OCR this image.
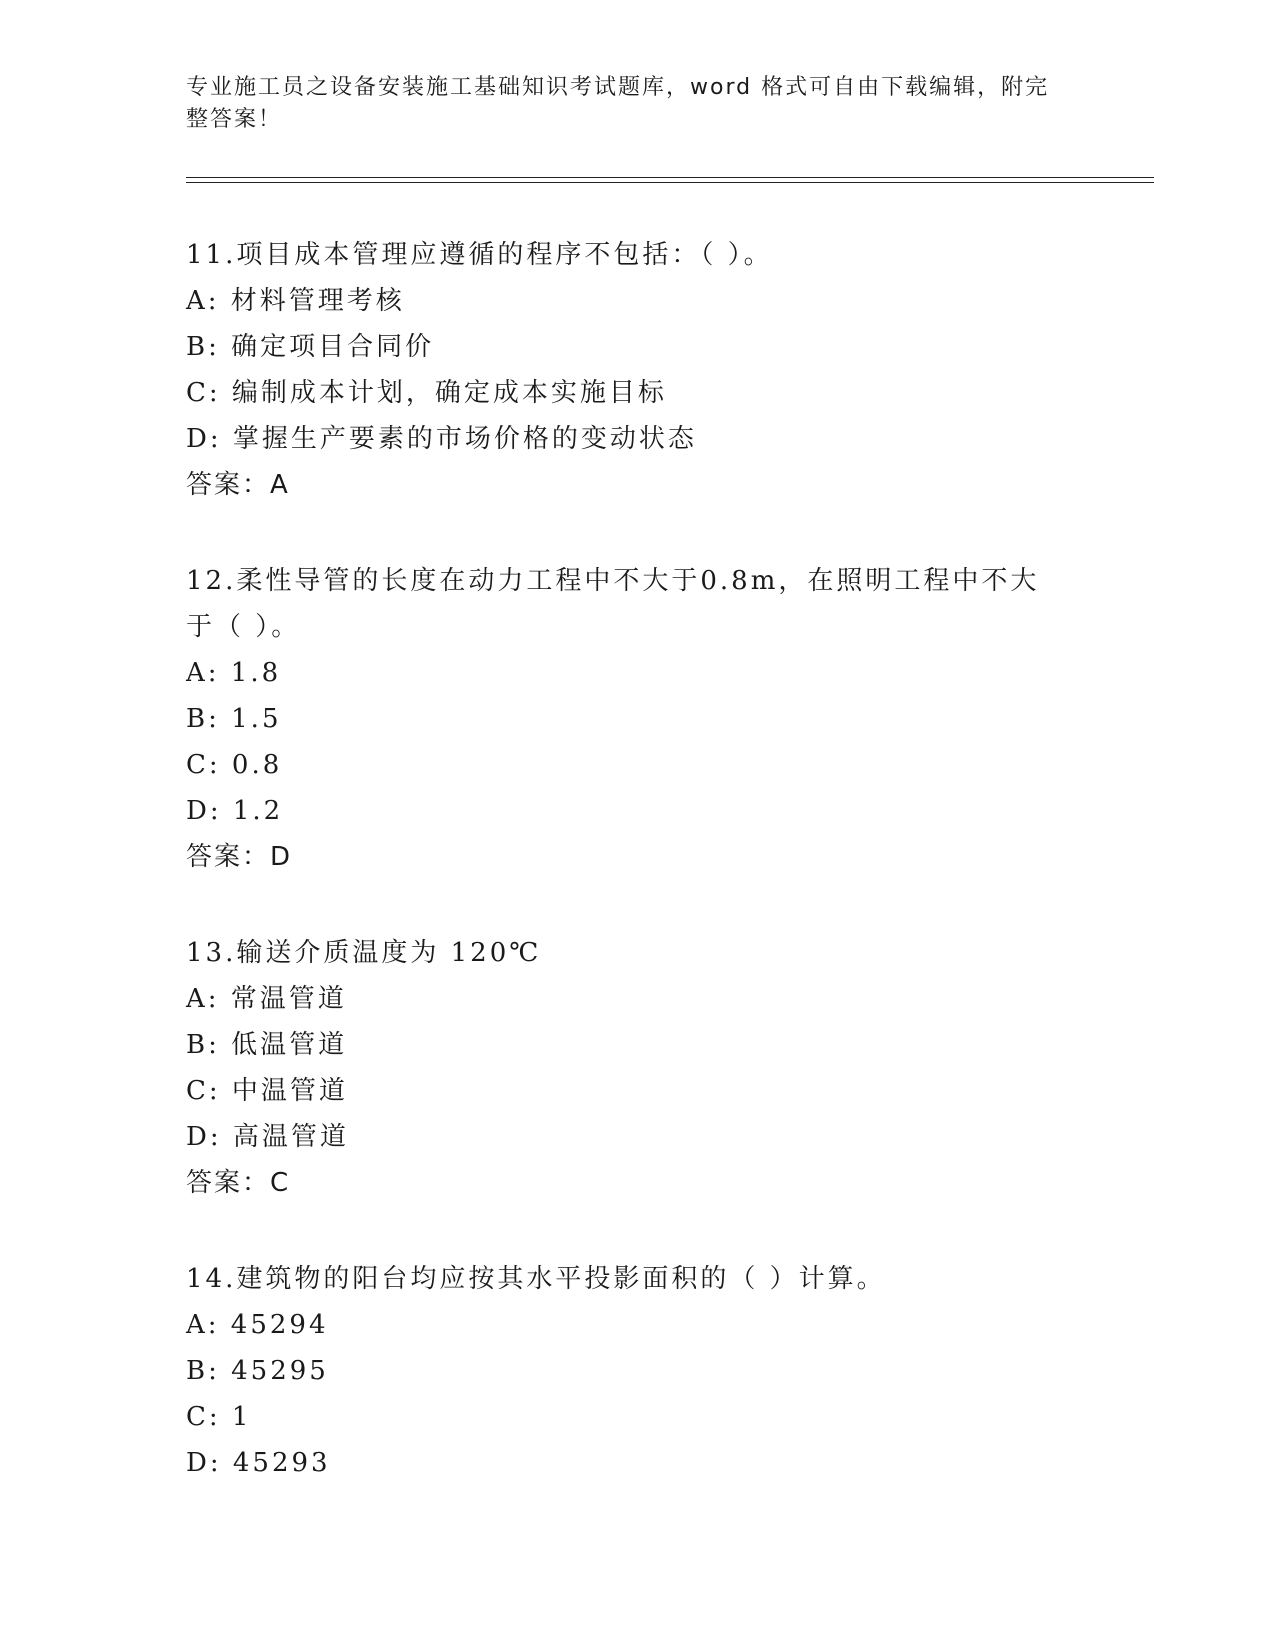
专业施工员之设备安装施工基础知识考试题库，word 格式可自由下载编辑，附完整答案！
11.项目成本管理应遵循的程序不包括：（ ）。
A: 材料管理考核
B: 确定项目合同价
C: 编制成本计划，确定成本实施目标
D: 掌握生产要素的市场价格的变动状态
答案：A
12.柔性导管的长度在动力工程中不大于0.8m，在照明工程中不大于（ ）。
A: 1.8
B: 1.5
C: 0.8
D: 1.2
答案：D
13.输送介质温度为 120℃
A: 常温管道
B: 低温管道
C: 中温管道
D: 高温管道
答案：C
14.建筑物的阳台均应按其水平投影面积的（ ）计算。
A: 45294
B: 45295
C: 1
D: 45293
